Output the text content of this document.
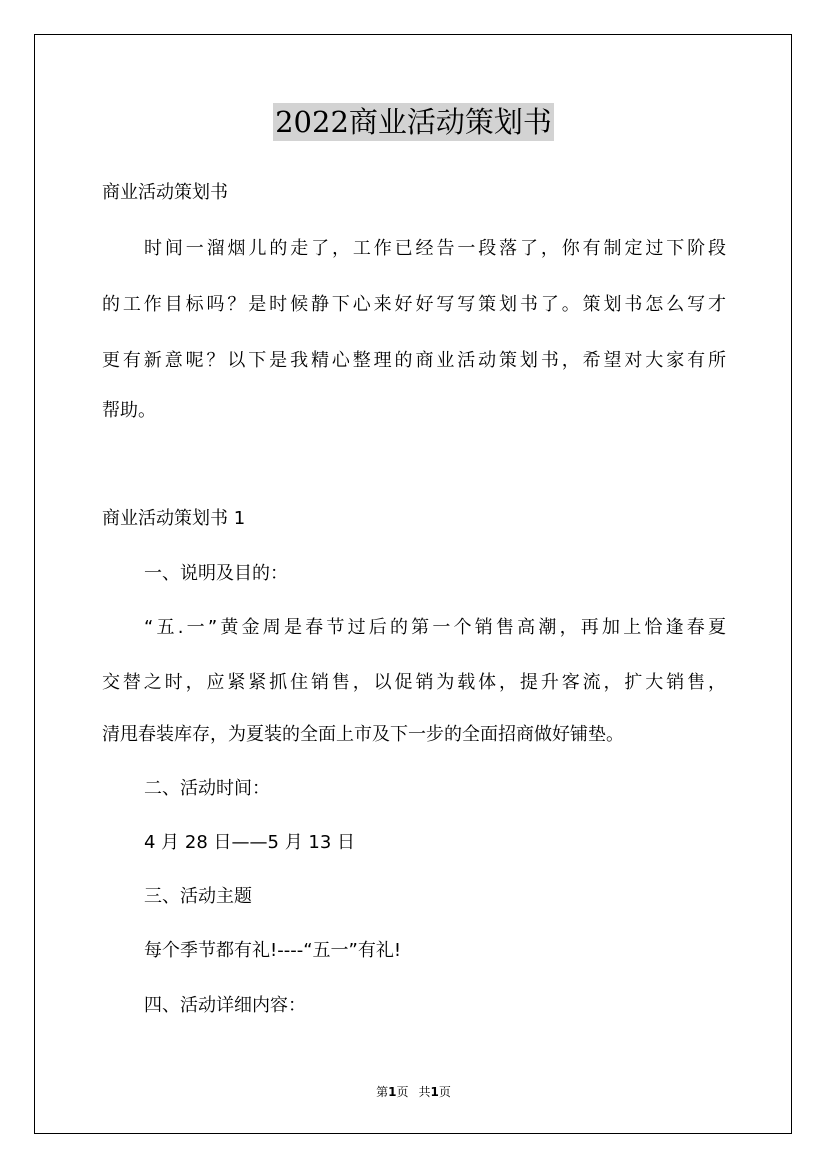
2022商业活动策划书

商业活动策划书

时间一溜烟儿的走了，工作已经告一段落了，你有制定过下阶段

的工作目标吗？是时候静下心来好好写写策划书了。策划书怎么写才

更有新意呢？以下是我精心整理的商业活动策划书，希望对大家有所

帮助。

商业活动策划书 1

一、说明及目的：

“五.一”黄金周是春节过后的第一个销售高潮，再加上恰逢春夏

交替之时，应紧紧抓住销售，以促销为载体，提升客流，扩大销售，

清甩春装库存，为夏装的全面上市及下一步的全面招商做好铺垫。

二、活动时间：

4 月 28 日——5 月 13 日

三、活动主题

每个季节都有礼!----“五一”有礼!

四、活动详细内容：

第1页 共1页
